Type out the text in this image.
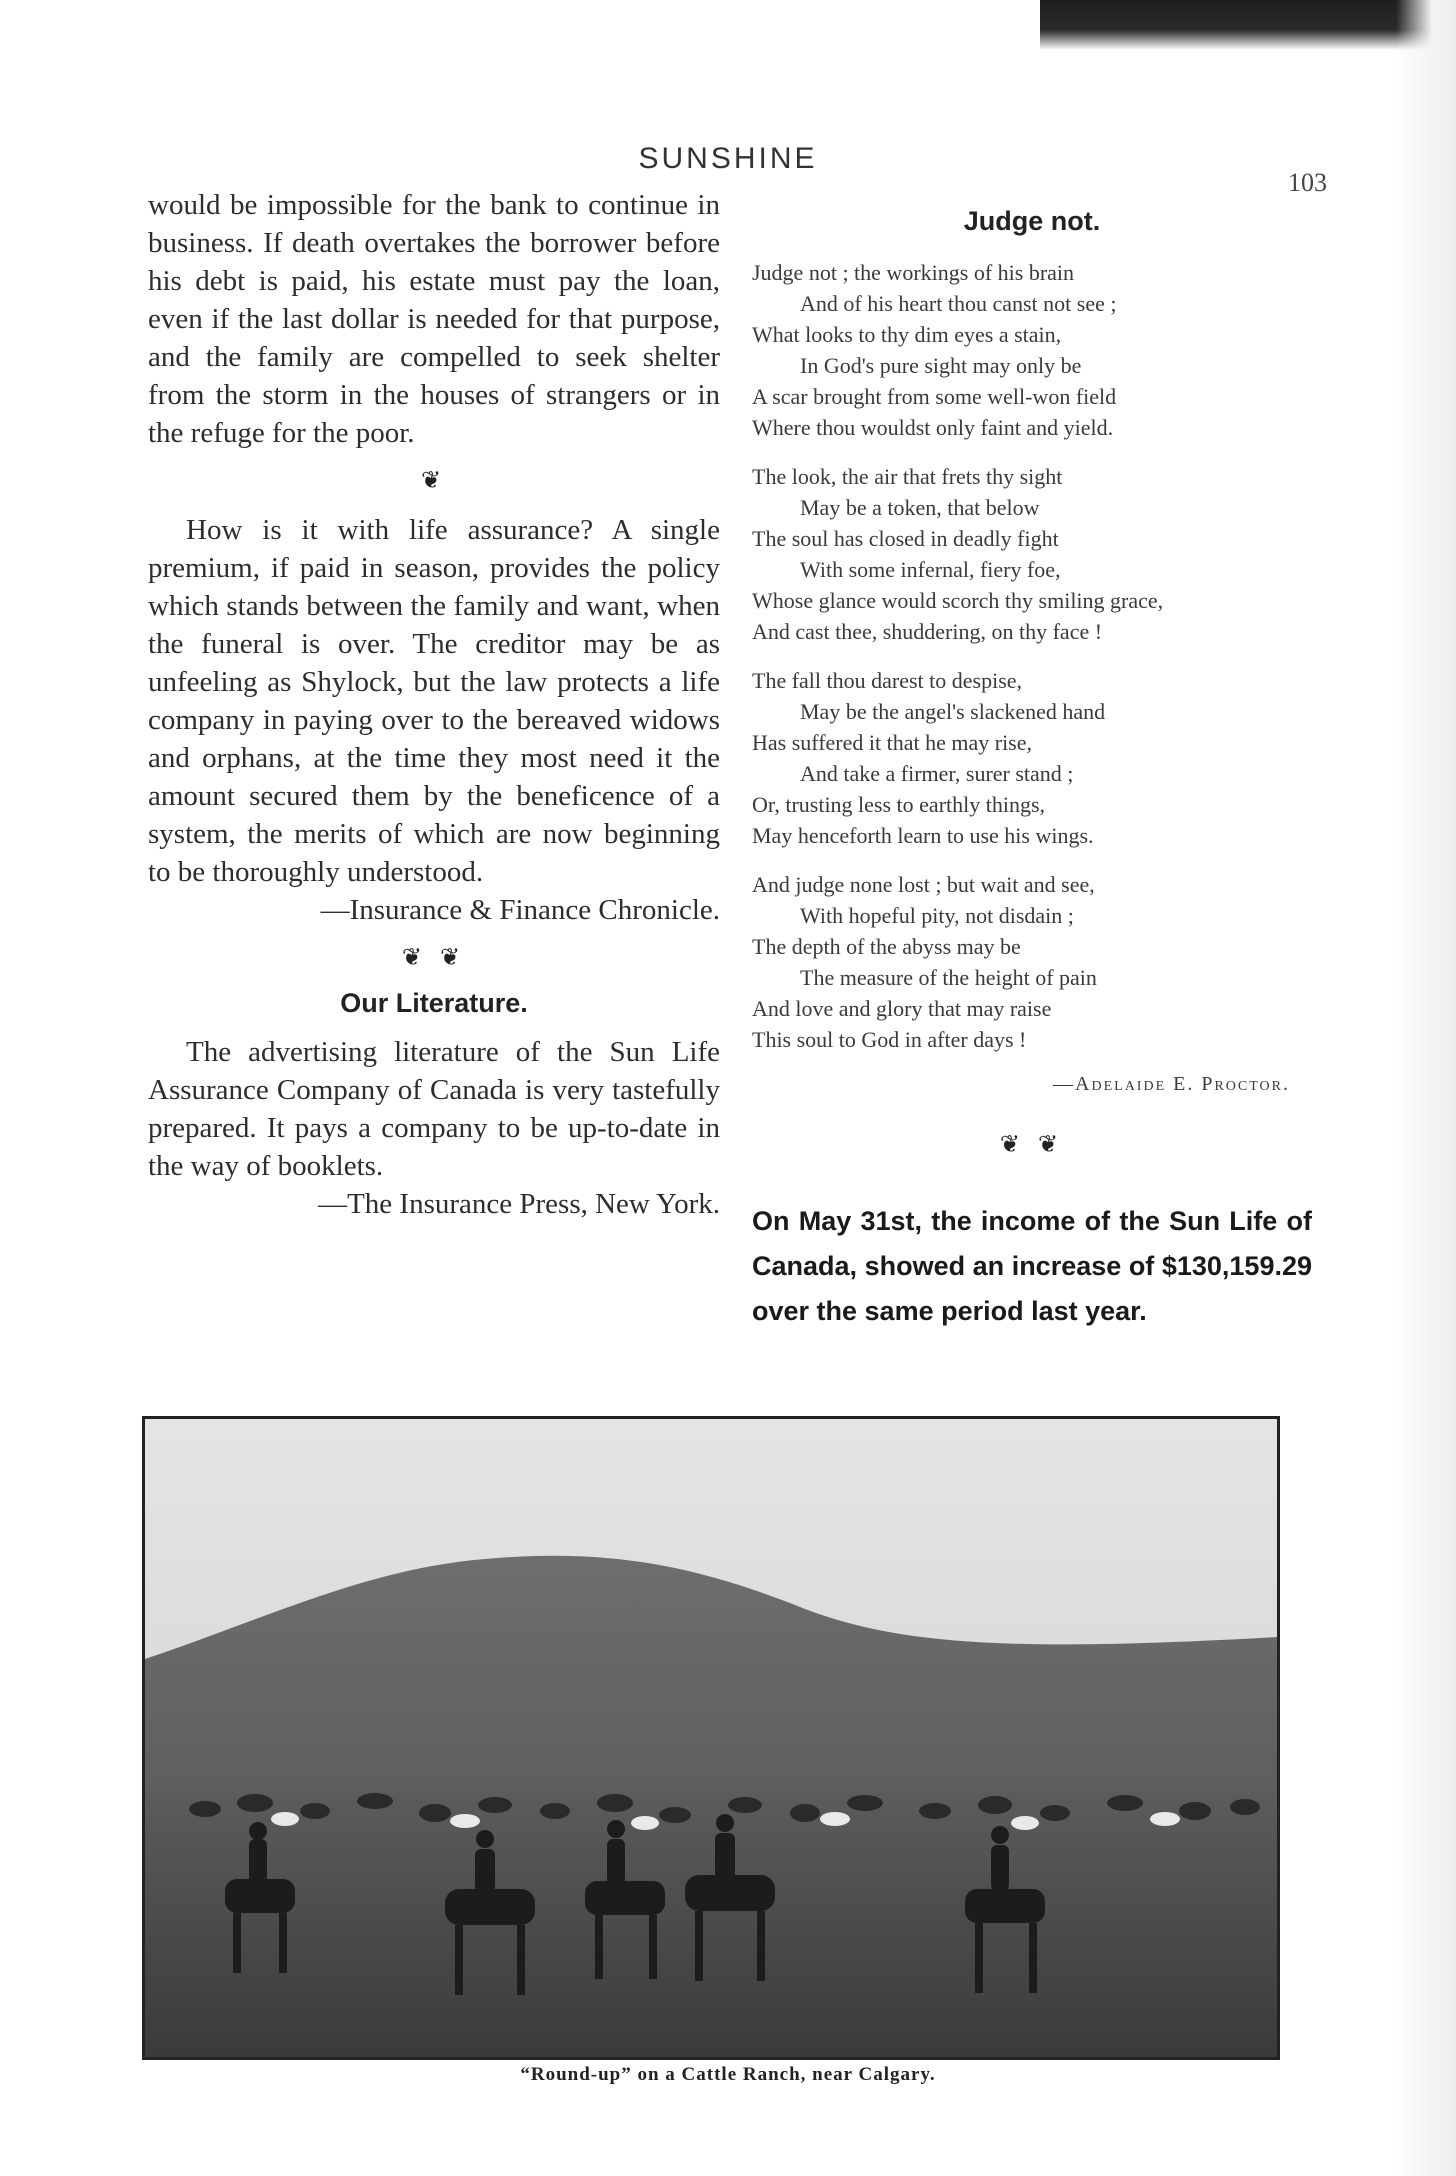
SUNSHINE
103

would be impossible for the bank to continue in business. If death overtakes the borrower before his debt is paid, his estate must pay the loan, even if the last dollar is needed for that purpose, and the family are compelled to seek shelter from the storm in the houses of strangers or in the refuge for the poor.

❦

How is it with life assurance? A single premium, if paid in season, provides the policy which stands between the family and want, when the funeral is over. The creditor may be as unfeeling as Shylock, but the law protects a life company in paying over to the bereaved widows and orphans, at the time they most need it the amount secured them by the beneficence of a system, the merits of which are now beginning to be thoroughly understood.

—Insurance & Finance Chronicle.

❦ ❦
Our Literature.

The advertising literature of the Sun Life Assurance Company of Canada is very tastefully prepared. It pays a company to be up-to-date in the way of booklets.

—The Insurance Press, New York.

Judge not.
Judge not ; the workings of his brain
And of his heart thou canst not see ;
What looks to thy dim eyes a stain,
In God's pure sight may only be
A scar brought from some well-won field
Where thou wouldst only faint and yield.
The look, the air that frets thy sight
May be a token, that below
The soul has closed in deadly fight
With some infernal, fiery foe,
Whose glance would scorch thy smiling grace,
And cast thee, shuddering, on thy face !
The fall thou darest to despise,
May be the angel's slackened hand
Has suffered it that he may rise,
And take a firmer, surer stand ;
Or, trusting less to earthly things,
May henceforth learn to use his wings.
And judge none lost ; but wait and see,
With hopeful pity, not disdain ;
The depth of the abyss may be
The measure of the height of pain
And love and glory that may raise
This soul to God in after days !
—Adelaide E. Proctor.
❦ ❦

On May 31st, the income of the Sun Life of Canada, showed an increase of $130,159.29 over the same period last year.

“Round-up” on a Cattle Ranch, near Calgary.
